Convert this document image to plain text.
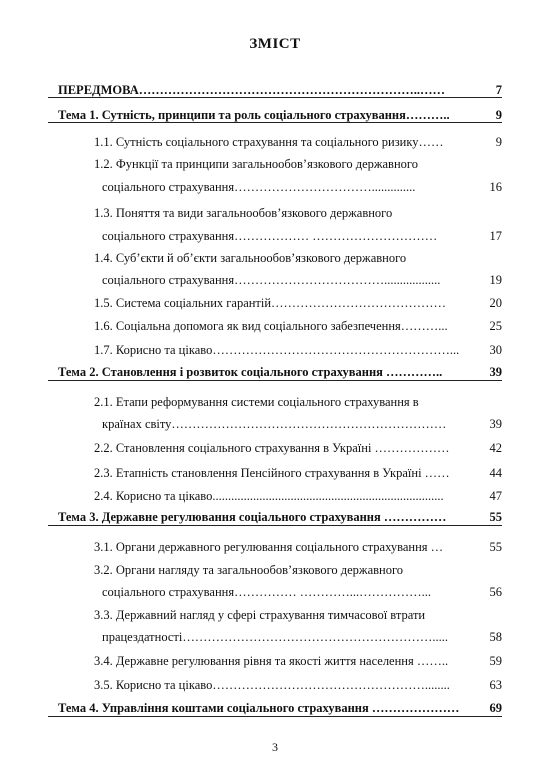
ЗМІСТ
ПЕРЕДМОВА…………………………………………………………..……	7
Тема 1. Сутність, принципи та роль соціального страхування………..	9
1.1. Сутність соціального страхування та соціального ризику……	9
1.2. Функції та принципи загальнообов’язкового державного
соціального страхування……………………………..............	16
1.3. Поняття та види загальнообов’язкового державного
соціального страхування……………… …………………………	17
1.4. Суб’єкти й об’єкти загальнообов’язкового державного
соціального страхування………………………………..................	19
1.5. Система соціальних гарантій……………………………………	20
1.6. Соціальна допомога як вид соціального забезпечення………...	25
1.7. Корисно та цікаво…………………………………………………...	30
Тема 2. Становлення і розвиток соціального страхування …………..	39
2.1. Етапи реформування системи соціального страхування в
країнах світу…………………………………………………………	39
2.2. Становлення соціального страхування в Україні ………………	42
2.3. Етапність становлення Пенсійного страхування в Україні ……	44
2.4. Корисно та цікаво..........................................................................	47
Тема 3. Державне регулювання соціального страхування ……………	55
3.1. Органи державного регулювання соціального страхування …	55
3.2. Органи нагляду та загальнообов’язкового державного
соціального страхування…………… …………...……………...	56
3.3. Державний нагляд у сфері страхування тимчасової втрати
працездатності…………………………………………………….....	58
3.4. Державне регулювання рівня та якості життя населення ……..	59
3.5. Корисно та цікаво……………………………………………........	63
Тема 4. Управління коштами соціального страхування …………………	69
3
